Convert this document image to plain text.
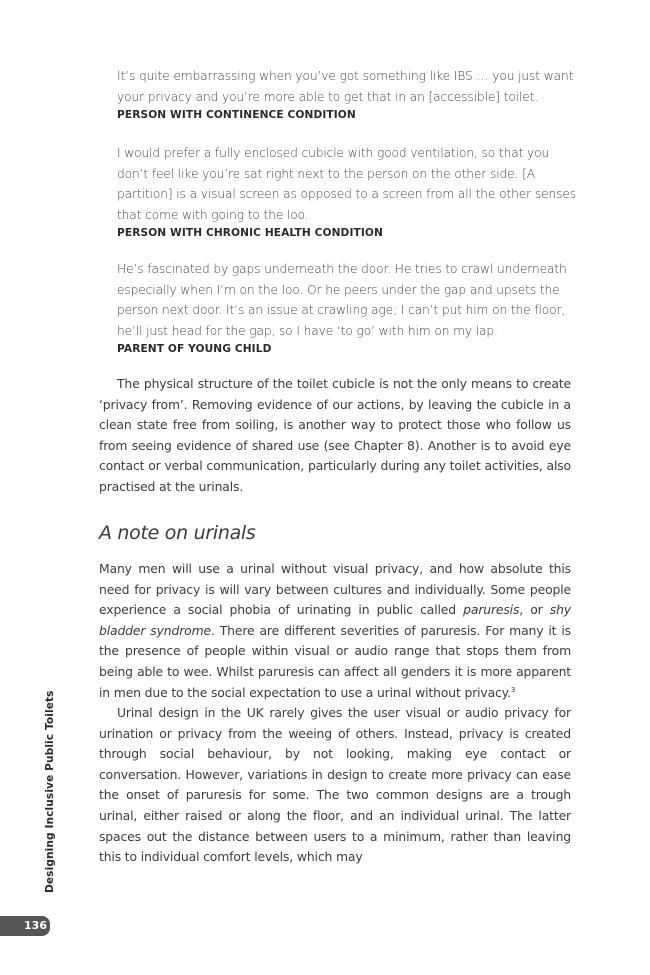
It’s quite embarrassing when you’ve got something like IBS … you just want your privacy and you’re more able to get that in an [accessible] toilet.

PERSON WITH CONTINENCE CONDITION

I would prefer a fully enclosed cubicle with good ventilation, so that you don’t feel like you’re sat right next to the person on the other side. [A partition] is a visual screen as opposed to a screen from all the other senses that come with going to the loo.

PERSON WITH CHRONIC HEALTH CONDITION

He’s fascinated by gaps underneath the door. He tries to crawl underneath especially when I’m on the loo. Or he peers under the gap and upsets the person next door. It’s an issue at crawling age; I can’t put him on the floor, he’ll just head for the gap, so I have ‘to go’ with him on my lap.

PARENT OF YOUNG CHILD

The physical structure of the toilet cubicle is not the only means to create ‘privacy from’. Removing evidence of our actions, by leaving the cubicle in a clean state free from soiling, is another way to protect those who follow us from seeing evidence of shared use (see Chapter 8). Another is to avoid eye contact or verbal communication, particularly during any toilet activities, also practised at the urinals.

A note on urinals

Many men will use a urinal without visual privacy, and how absolute this need for privacy is will vary between cultures and individually. Some people experience a social phobia of urinating in public called paruresis, or shy bladder syndrome. There are different severities of paruresis. For many it is the presence of people within visual or audio range that stops them from being able to wee. Whilst paruresis can affect all genders it is more apparent in men due to the social expectation to use a urinal without privacy.$^3$

Urinal design in the UK rarely gives the user visual or audio privacy for urination or privacy from the weeing of others. Instead, privacy is created through social behaviour, by not looking, making eye contact or conversation. However, variations in design to create more privacy can ease the onset of paruresis for some. The two common designs are a trough urinal, either raised or along the floor, and an individual urinal. The latter spaces out the distance between users to a minimum, rather than leaving this to individual comfort levels, which may

Designing Inclusive Public Toilets
136
